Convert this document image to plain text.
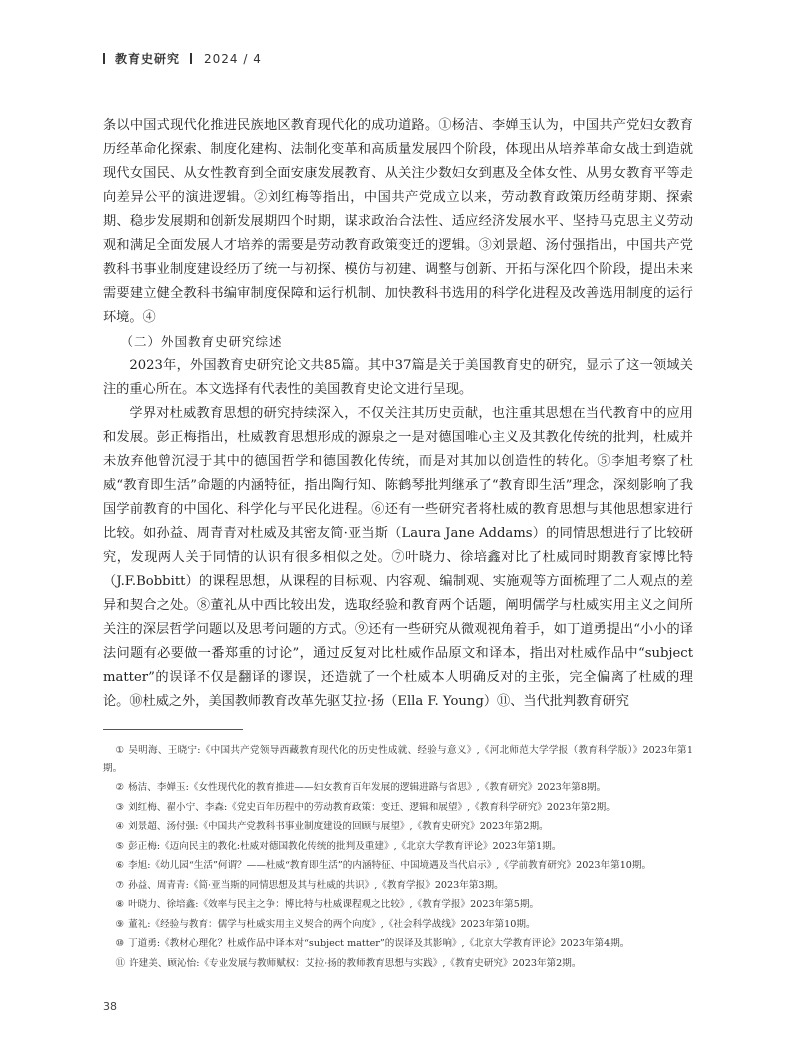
教育史研究 2024 / 4

条以中国式现代化推进民族地区教育现代化的成功道路。①杨洁、李婵玉认为，中国共产党妇女教育历经革命化探索、制度化建构、法制化变革和高质量发展四个阶段，体现出从培养革命女战士到造就现代女国民、从女性教育到全面安康发展教育、从关注少数妇女到惠及全体女性、从男女教育平等走向差异公平的演进逻辑。②刘红梅等指出，中国共产党成立以来，劳动教育政策历经萌芽期、探索期、稳步发展期和创新发展期四个时期，谋求政治合法性、适应经济发展水平、坚持马克思主义劳动观和满足全面发展人才培养的需要是劳动教育政策变迁的逻辑。③刘景超、汤付强指出，中国共产党教科书事业制度建设经历了统一与初探、模仿与初建、调整与创新、开拓与深化四个阶段，提出未来需要建立健全教科书编审制度保障和运行机制、加快教科书选用的科学化进程及改善选用制度的运行环境。④

（二）外国教育史研究综述

2023年，外国教育史研究论文共85篇。其中37篇是关于美国教育史的研究，显示了这一领域关注的重心所在。本文选择有代表性的美国教育史论文进行呈现。

学界对杜威教育思想的研究持续深入，不仅关注其历史贡献，也注重其思想在当代教育中的应用和发展。彭正梅指出，杜威教育思想形成的源泉之一是对德国唯心主义及其教化传统的批判，杜威并未放弃他曾沉浸于其中的德国哲学和德国教化传统，而是对其加以创造性的转化。⑤李旭考察了杜威“教育即生活”命题的内涵特征，指出陶行知、陈鹤琴批判继承了“教育即生活”理念，深刻影响了我国学前教育的中国化、科学化与平民化进程。⑥还有一些研究者将杜威的教育思想与其他思想家进行比较。如孙益、周青青对杜威及其密友简·亚当斯（Laura Jane Addams）的同情思想进行了比较研究，发现两人关于同情的认识有很多相似之处。⑦叶晓力、徐培鑫对比了杜威同时期教育家博比特（J.F.Bobbitt）的课程思想，从课程的目标观、内容观、编制观、实施观等方面梳理了二人观点的差异和契合之处。⑧董礼从中西比较出发，选取经验和教育两个话题，阐明儒学与杜威实用主义之间所关注的深层哲学问题以及思考问题的方式。⑨还有一些研究从微观视角着手，如丁道勇提出“小小的译法问题有必要做一番郑重的讨论”，通过反复对比杜威作品原文和译本，指出对杜威作品中“subject matter”的误译不仅是翻译的谬误，还造就了一个杜威本人明确反对的主张，完全偏离了杜威的理论。⑩杜威之外，美国教师教育改革先驱艾拉·扬（Ella F. Young）⑪、当代批判教育研究

① 吴明海、王晓宁:《中国共产党领导西藏教育现代化的历史性成就、经验与意义》,《河北师范大学学报（教育科学版）》2023年第1期。
② 杨洁、李婵玉:《女性现代化的教育推进——妇女教育百年发展的逻辑进路与省思》,《教育研究》2023年第8期。
③ 刘红梅、翟小宁、李森:《党史百年历程中的劳动教育政策：变迁、逻辑和展望》,《教育科学研究》2023年第2期。
④ 刘景超、汤付强:《中国共产党教科书事业制度建设的回顾与展望》,《教育史研究》2023年第2期。
⑤ 彭正梅:《迈向民主的教化:杜威对德国教化传统的批判及重建》,《北京大学教育评论》2023年第1期。
⑥ 李旭:《幼儿园“生活”何谓？——杜威“教育即生活”的内涵特征、中国境遇及当代启示》,《学前教育研究》2023年第10期。
⑦ 孙益、周青青:《简·亚当斯的同情思想及其与杜威的共识》,《教育学报》2023年第3期。
⑧ 叶晓力、徐培鑫:《效率与民主之争：博比特与杜威课程观之比较》,《教育学报》2023年第5期。
⑨ 董礼:《经验与教育：儒学与杜威实用主义契合的两个向度》,《社会科学战线》2023年第10期。
⑩ 丁道勇:《教材心理化？杜威作品中译本对“subject matter”的误译及其影响》,《北京大学教育评论》2023年第4期。
⑪ 许建美、顾沁怡:《专业发展与教师赋权：艾拉·扬的教师教育思想与实践》,《教育史研究》2023年第2期。
38
